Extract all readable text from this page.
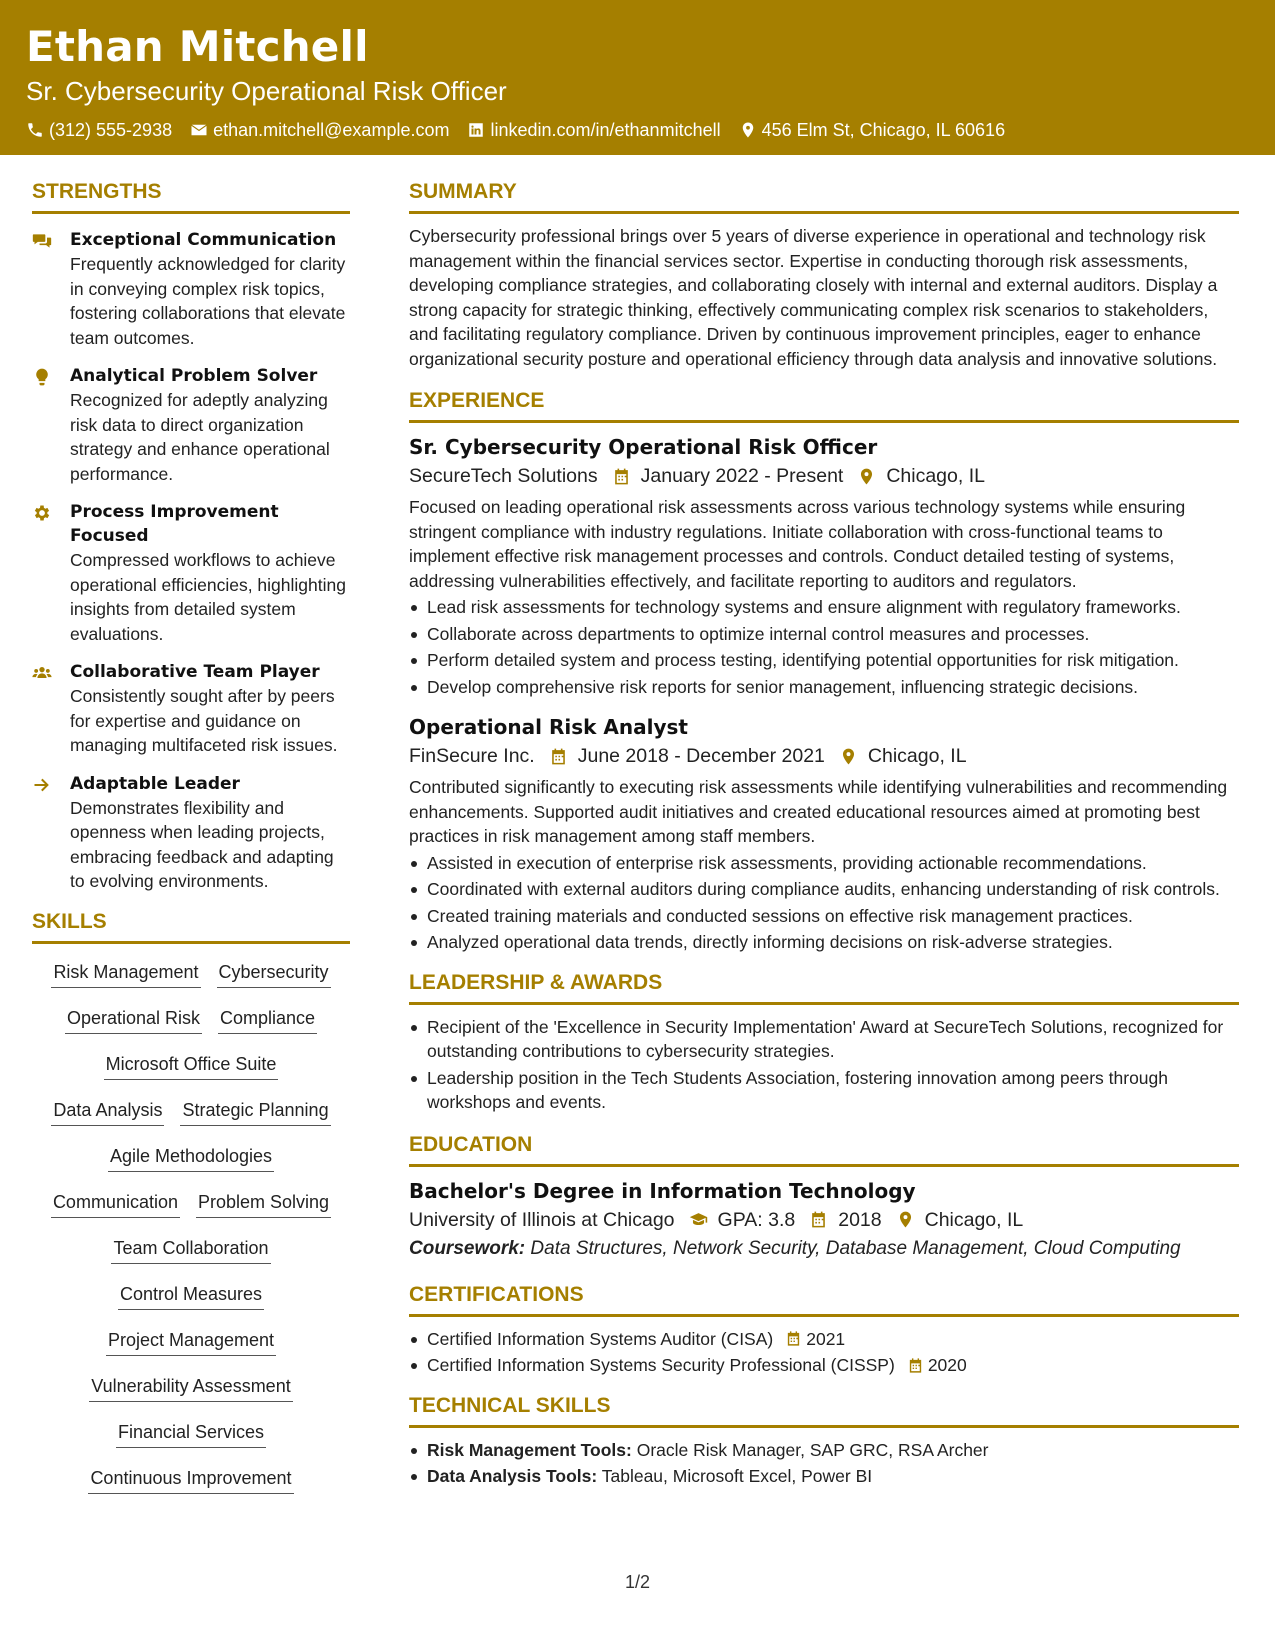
Ethan Mitchell
Sr. Cybersecurity Operational Risk Officer
(312) 555-2938 ethan.mitchell@example.com linkedin.com/in/ethanmitchell 456 Elm St, Chicago, IL 60616
STRENGTHS
Exceptional Communication
Frequently acknowledged for clarity in conveying complex risk topics, fostering collaborations that elevate team outcomes.
Analytical Problem Solver
Recognized for adeptly analyzing risk data to direct organization strategy and enhance operational performance.
Process Improvement Focused
Compressed workflows to achieve operational efficiencies, highlighting insights from detailed system evaluations.
Collaborative Team Player
Consistently sought after by peers for expertise and guidance on managing multifaceted risk issues.
Adaptable Leader
Demonstrates flexibility and openness when leading projects, embracing feedback and adapting to evolving environments.
SKILLS
Risk Management Cybersecurity
Operational Risk Compliance
Microsoft Office Suite
Data Analysis Strategic Planning
Agile Methodologies
Communication Problem Solving
Team Collaboration
Control Measures
Project Management
Vulnerability Assessment
Financial Services
Continuous Improvement
SUMMARY
Cybersecurity professional brings over 5 years of diverse experience in operational and technology risk management within the financial services sector. Expertise in conducting thorough risk assessments, developing compliance strategies, and collaborating closely with internal and external auditors. Display a strong capacity for strategic thinking, effectively communicating complex risk scenarios to stakeholders, and facilitating regulatory compliance. Driven by continuous improvement principles, eager to enhance organizational security posture and operational efficiency through data analysis and innovative solutions.
EXPERIENCE
Sr. Cybersecurity Operational Risk Officer
SecureTech Solutions January 2022 - Present Chicago, IL
Focused on leading operational risk assessments across various technology systems while ensuring stringent compliance with industry regulations. Initiate collaboration with cross-functional teams to implement effective risk management processes and controls. Conduct detailed testing of systems, addressing vulnerabilities effectively, and facilitate reporting to auditors and regulators.
Lead risk assessments for technology systems and ensure alignment with regulatory frameworks.
Collaborate across departments to optimize internal control measures and processes.
Perform detailed system and process testing, identifying potential opportunities for risk mitigation.
Develop comprehensive risk reports for senior management, influencing strategic decisions.
Operational Risk Analyst
FinSecure Inc. June 2018 - December 2021 Chicago, IL
Contributed significantly to executing risk assessments while identifying vulnerabilities and recommending enhancements. Supported audit initiatives and created educational resources aimed at promoting best practices in risk management among staff members.
Assisted in execution of enterprise risk assessments, providing actionable recommendations.
Coordinated with external auditors during compliance audits, enhancing understanding of risk controls.
Created training materials and conducted sessions on effective risk management practices.
Analyzed operational data trends, directly informing decisions on risk-adverse strategies.
LEADERSHIP & AWARDS
Recipient of the 'Excellence in Security Implementation' Award at SecureTech Solutions, recognized for outstanding contributions to cybersecurity strategies.
Leadership position in the Tech Students Association, fostering innovation among peers through workshops and events.
EDUCATION
Bachelor's Degree in Information Technology
University of Illinois at Chicago GPA: 3.8 2018 Chicago, IL
Coursework: Data Structures, Network Security, Database Management, Cloud Computing
CERTIFICATIONS
Certified Information Systems Auditor (CISA) 2021
Certified Information Systems Security Professional (CISSP) 2020
TECHNICAL SKILLS
Risk Management Tools: Oracle Risk Manager, SAP GRC, RSA Archer
Data Analysis Tools: Tableau, Microsoft Excel, Power BI
1/2
